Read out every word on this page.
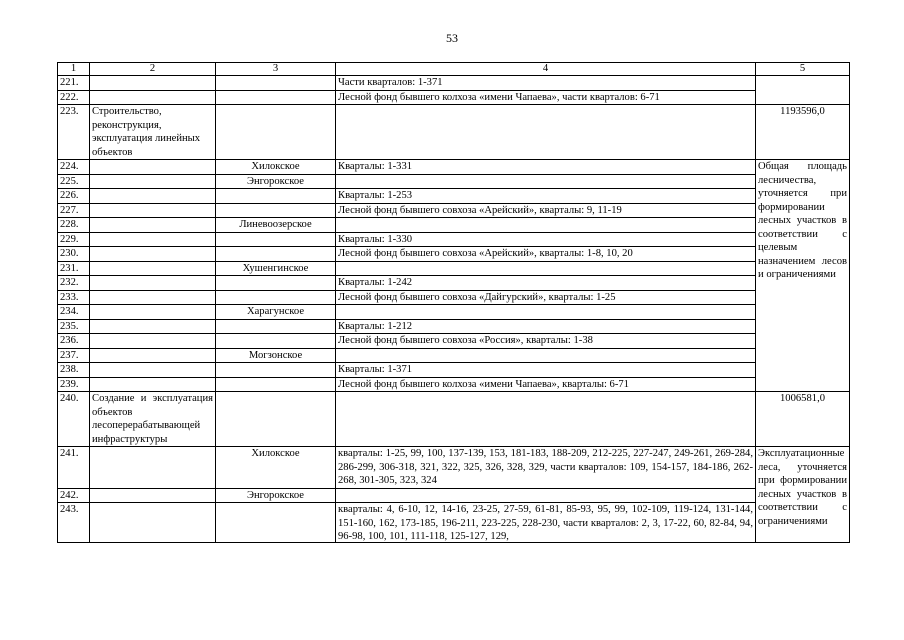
53
1	2	3	4	5
221.			Части кварталов: 1-371	
222.			Лесной фонд бывшего колхоза «имени Чапаева», части кварталов: 6-71	
223.	Строительство, реконструкция, эксплуатация линейных объектов			1193596,0
224.		Хилокское	Кварталы: 1-331	Общая площадь лесничества, уточняется при формировании лесных участков в соответствии с целевым назначением лесов и ограничениями
225.		Энгорокское		
226.			Кварталы: 1-253	
227.			Лесной фонд бывшего совхоза «Арейский», кварталы: 9, 11-19	
228.		Линевоозерское		
229.			Кварталы: 1-330	
230.			Лесной фонд бывшего совхоза «Арейский», кварталы: 1-8, 10, 20	
231.		Хушенгинское		
232.			Кварталы: 1-242	
233.			Лесной фонд бывшего совхоза «Дайгурский», кварталы: 1-25	
234.		Харагунское		
235.			Кварталы: 1-212	
236.			Лесной фонд бывшего совхоза «Россия», кварталы: 1-38	
237.		Могзонское		
238.			Кварталы: 1-371	
239.			Лесной фонд бывшего колхоза «имени Чапаева», кварталы: 6-71	
240.	Создание и эксплуатация объектов лесоперерабатывающей инфраструктуры			1006581,0
241.		Хилокское	кварталы: 1-25, 99, 100, 137-139, 153, 181-183, 188-209, 212-225, 227-247, 249-261, 269-284, 286-299, 306-318, 321, 322, 325, 326, 328, 329, части кварталов: 109, 154-157, 184-186, 262-268, 301-305, 323, 324	Эксплуатационные леса, уточняется при формировании лесных участков в соответствии с ограничениями
242.		Энгорокское		
243.			кварталы: 4, 6-10, 12, 14-16, 23-25, 27-59, 61-81, 85-93, 95, 99, 102-109, 119-124, 131-144, 151-160, 162, 173-185, 196-211, 223-225, 228-230, части кварталов: 2, 3, 17-22, 60, 82-84, 94, 96-98, 100, 101, 111-118, 125-127, 129,	
